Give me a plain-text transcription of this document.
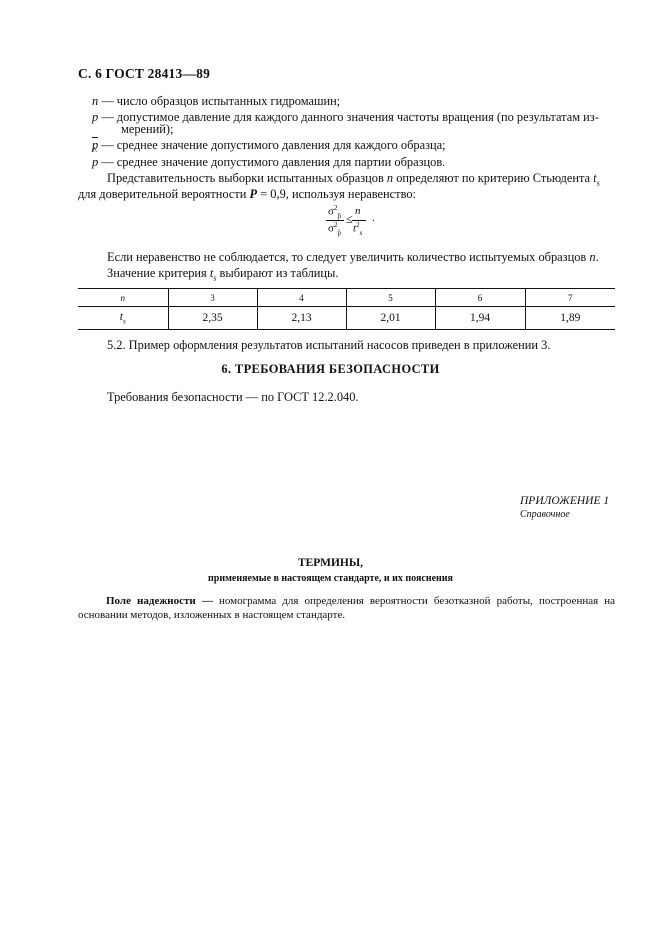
С. 6 ГОСТ 28413—89

n — число образцов испытанных гидромашин;

p — допустимое давление для каждого данного значения частоты вращения (по результатам из-

мерений);

p — среднее значение допустимого давления для каждого образца;

^ p — среднее значение допустимого давления для партии образцов.

Представительность выборки испытанных образцов n определяют по критерию Стьюдента $t_s$

для доверительной вероятности P = 0,9, используя неравенство:

$\sigma^2_{p̄}$
$\sigma^2_{p̂}$
≤
n
$t^2_s$
.

Если неравенство не соблюдается, то следует увеличить количество испытуемых образцов n.

Значение критерия $t_s$ выбирают из таблицы.

n	3	4	5	6	7
$t_s$	2,35	2,13	2,01	1,94	1,89

5.2. Пример оформления результатов испытаний насосов приведен в приложении 3.

6. ТРЕБОВАНИЯ БЕЗОПАСНОСТИ

Требования безопасности — по ГОСТ 12.2.040.

ПРИЛОЖЕНИЕ 1
Справочное
ТЕРМИНЫ,
применяемые в настоящем стандарте, и их пояснения
Поле надежности — номограмма для определения вероятности безотказной работы, построенная на основании методов, изложенных в настоящем стандарте.
